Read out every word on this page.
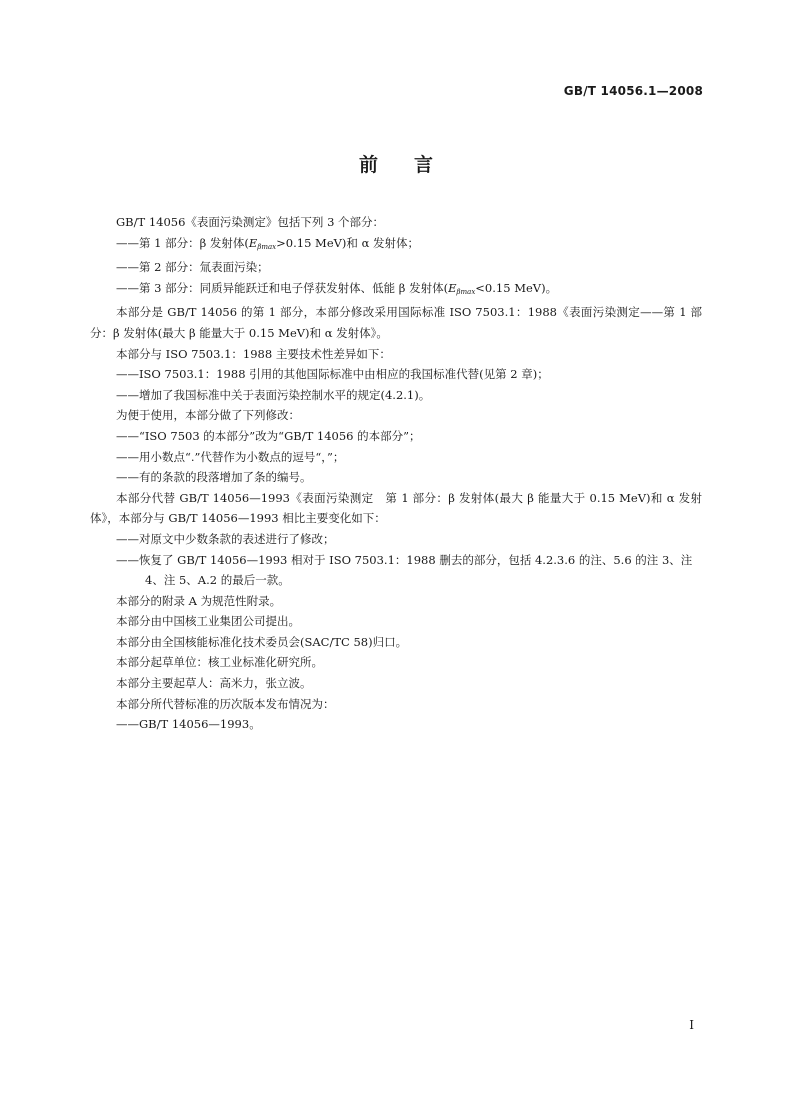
GB/T 14056.1—2008
前言

GB/T 14056《表面污染测定》包括下列 3 个部分：

——第 1 部分：β 发射体($E_{\beta max}>0.15$ MeV)和 α 发射体；

——第 2 部分：氚表面污染；

——第 3 部分：同质异能跃迁和电子俘获发射体、低能 β 发射体($E_{\beta max}<0.15$ MeV)。

本部分是 GB/T 14056 的第 1 部分，本部分修改采用国际标准 ISO 7503.1：1988《表面污染测定——第 1 部分：β 发射体(最大 β 能量大于 0.15 MeV)和 α 发射体》。

本部分与 ISO 7503.1：1988 主要技术性差异如下：

——ISO 7503.1：1988 引用的其他国际标准中由相应的我国标准代替(见第 2 章)；

——增加了我国标准中关于表面污染控制水平的规定(4.2.1)。

为便于使用，本部分做了下列修改：

——“ISO 7503 的本部分”改为“GB/T 14056 的本部分”；

——用小数点“.”代替作为小数点的逗号“，”；

——有的条款的段落增加了条的编号。

本部分代替 GB/T 14056—1993《表面污染测定　第 1 部分：β 发射体(最大 β 能量大于 0.15 MeV)和 α 发射体》，本部分与 GB/T 14056—1993 相比主要变化如下：

——对原文中少数条款的表述进行了修改；

——恢复了 GB/T 14056—1993 相对于 ISO 7503.1：1988 删去的部分，包括 4.2.3.6 的注、5.6 的注 3、注 4、注 5、A.2 的最后一款。

本部分的附录 A 为规范性附录。

本部分由中国核工业集团公司提出。

本部分由全国核能标准化技术委员会(SAC/TC 58)归口。

本部分起草单位：核工业标准化研究所。

本部分主要起草人：高米力，张立波。

本部分所代替标准的历次版本发布情况为：

——GB/T 14056—1993。

I
